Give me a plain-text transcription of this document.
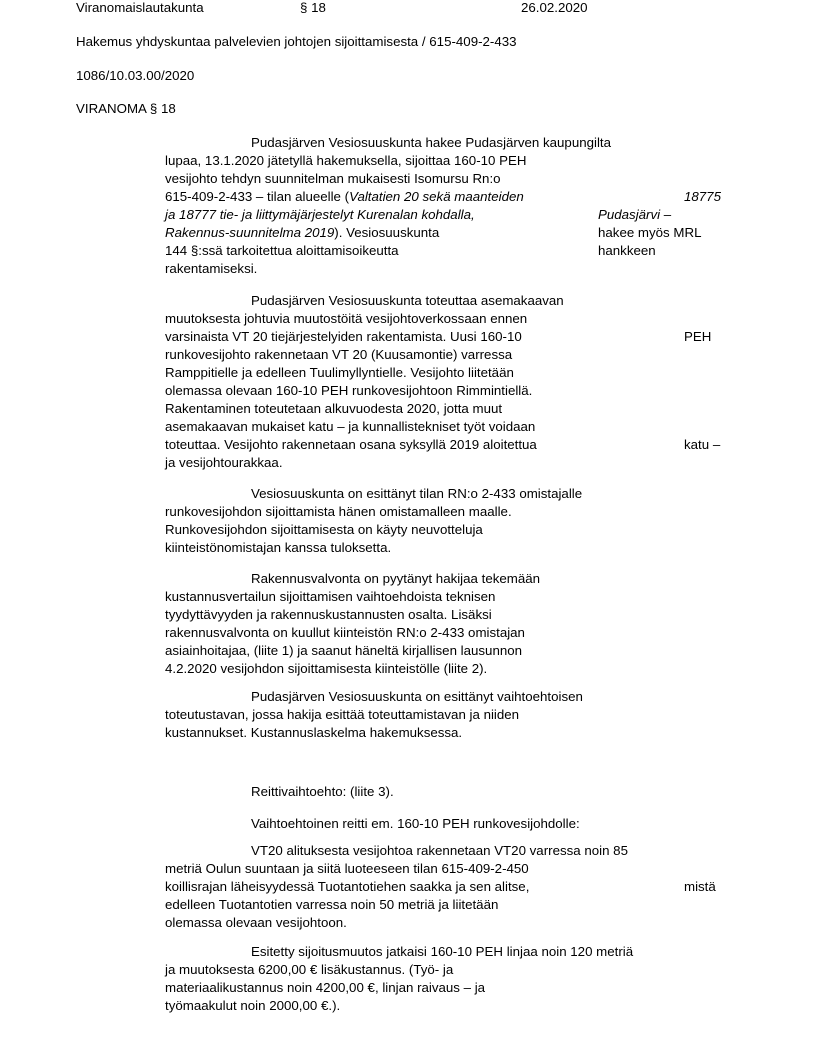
Viranomaislautakunta	§ 18	26.02.2020
Hakemus yhdyskuntaa palvelevien johtojen sijoittamisesta / 615-409-2-433
1086/10.03.00/2020
VIRANOMA § 18
Pudasjärven Vesiosuuskunta hakee Pudasjärven kaupungilta
lupaa, 13.1.2020 jätetyllä hakemuksella, sijoittaa 160-10 PEH
vesijohto tehdyn suunnitelman mukaisesti Isomursu Rn:o
615-409-2-433 – tilan alueelle (Valtatien 20 sekä maanteiden
ja 18777 tie- ja liittymäjärjestelyt Kurenalan kohdalla,
Rakennus-suunnitelma 2019). Vesiosuuskunta
144 §:ssä tarkoitettua aloittamisoikeutta
rakentamiseksi.
18775
Pudasjärvi –
hakee myös MRL
hankkeen
Pudasjärven Vesiosuuskunta toteuttaa asemakaavan
muutoksesta johtuvia muutostöitä vesijohtoverkossaan ennen
varsinaista VT 20 tiejärjestelyiden rakentamista. Uusi 160-10
runkovesijohto rakennetaan VT 20 (Kuusamontie) varressa
Ramppitielle ja edelleen Tuulimyllyntielle. Vesijohto liitetään
olemassa olevaan 160-10 PEH runkovesijohtoon Rimmintiellä.
Rakentaminen toteutetaan alkuvuodesta 2020, jotta muut
asemakaavan mukaiset katu – ja kunnallistekniset työt voidaan
toteuttaa. Vesijohto rakennetaan osana syksyllä 2019 aloitettua
ja vesijohtourakkaa.
PEH
katu –
Vesiosuuskunta on esittänyt tilan RN:o 2-433 omistajalle
runkovesijohdon sijoittamista hänen omistamalleen maalle.
Runkovesijohdon sijoittamisesta on käyty neuvotteluja
kiinteistönomistajan kanssa tuloksetta.
Rakennusvalvonta on pyytänyt hakijaa tekemään
kustannusvertailun sijoittamisen vaihtoehdoista teknisen
tyydyttävyyden ja rakennuskustannusten osalta. Lisäksi
rakennusvalvonta on kuullut kiinteistön RN:o 2-433 omistajan
asiainhoitajaa, (liite 1) ja saanut häneltä kirjallisen lausunnon
4.2.2020 vesijohdon sijoittamisesta kiinteistölle (liite 2).
Pudasjärven Vesiosuuskunta on esittänyt vaihtoehtoisen
toteutustavan, jossa hakija esittää toteuttamistavan ja niiden
kustannukset. Kustannuslaskelma hakemuksessa.
Reittivaihtoehto: (liite 3).
Vaihtoehtoinen reitti em. 160-10 PEH runkovesijohdolle:
VT20 alituksesta vesijohtoa rakennetaan VT20 varressa noin 85
metriä Oulun suuntaan ja siitä luoteeseen tilan 615-409-2-450
koillisrajan läheisyydessä Tuotantotiehen saakka ja sen alitse,
edelleen Tuotantotien varressa noin 50 metriä ja liitetään
olemassa olevaan vesijohtoon.
mistä
Esitetty sijoitusmuutos jatkaisi 160-10 PEH linjaa noin 120 metriä
ja muutoksesta 6200,00 € lisäkustannus. (Työ- ja
materiaalikustannus noin 4200,00 €, linjan raivaus – ja
työmaakulut noin 2000,00 €.).
